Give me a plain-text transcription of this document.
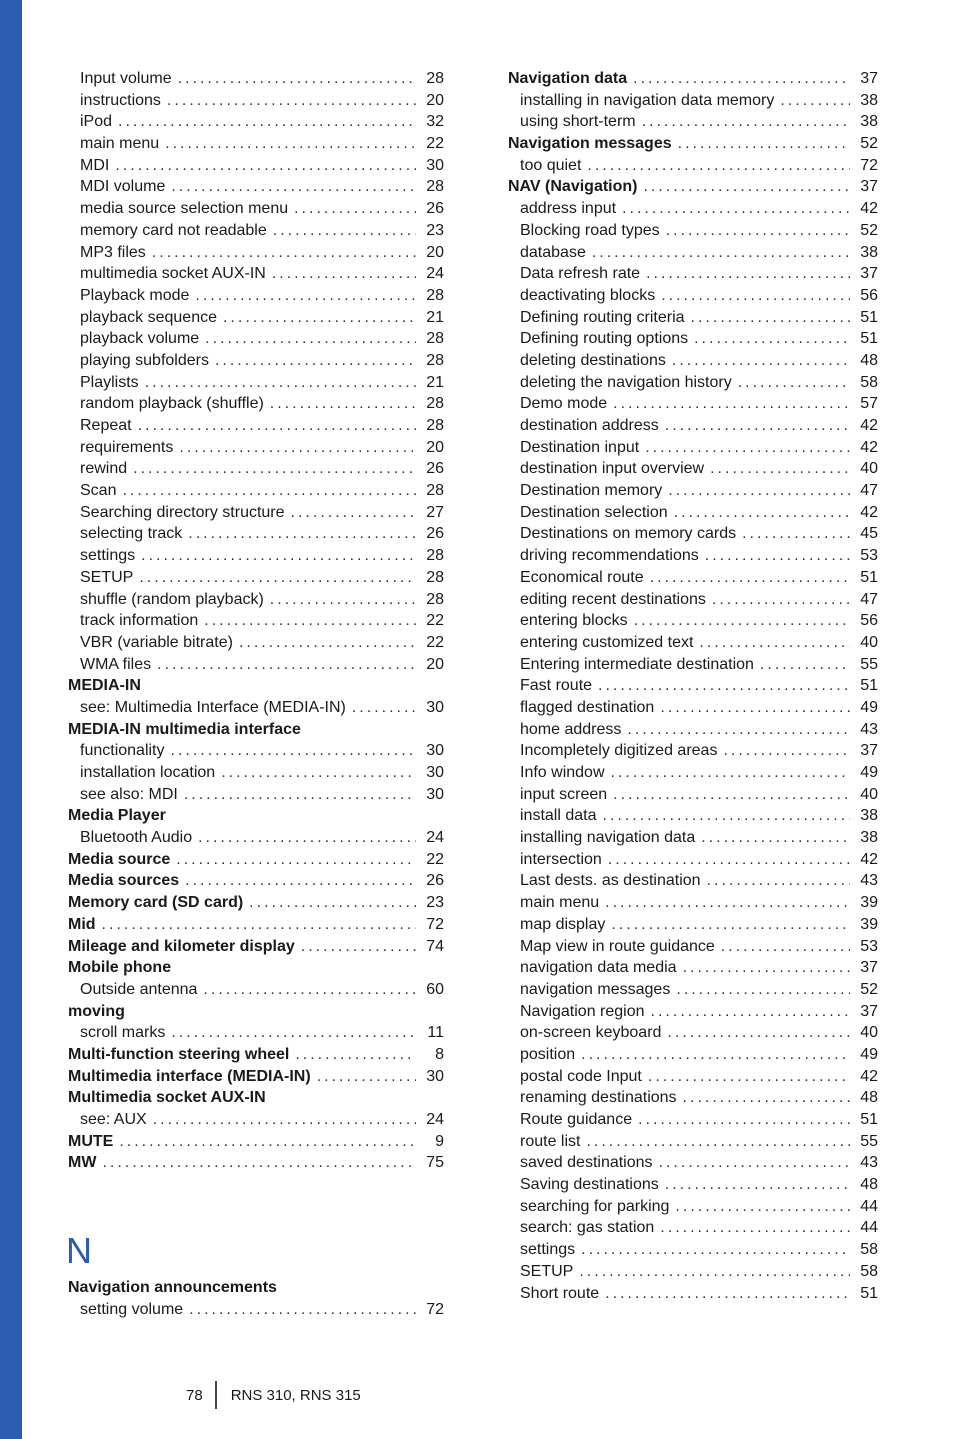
Input volume .....	28
instructions .....	20
iPod .....	32
main menu .....	22
MDI .....	30
MDI volume .....	28
media source selection menu .....	26
memory card not readable .....	23
MP3 files .....	20
multimedia socket AUX-IN .....	24
Playback mode .....	28
playback sequence .....	21
playback volume .....	28
playing subfolders .....	28
Playlists .....	21
random playback (shuffle) .....	28
Repeat .....	28
requirements .....	20
rewind .....	26
Scan .....	28
Searching directory structure .....	27
selecting track .....	26
settings .....	28
SETUP .....	28
shuffle (random playback) .....	28
track information .....	22
VBR (variable bitrate) .....	22
WMA files .....	20
MEDIA-IN
see: Multimedia Interface (MEDIA-IN) .....	30
MEDIA-IN multimedia interface
functionality .....	30
installation location .....	30
see also: MDI .....	30
Media Player
Bluetooth Audio .....	24
Media source .....	22
Media sources .....	26
Memory card (SD card) .....	23
Mid .....	72
Mileage and kilometer display .....	74
Mobile phone
Outside antenna .....	60
moving
scroll marks .....	11
Multi-function steering wheel .....	8
Multimedia interface (MEDIA-IN) .....	30
Multimedia socket AUX-IN
see: AUX .....	24
MUTE .....	9
MW .....	75
N
Navigation announcements
setting volume .....	72
Navigation data .....	37
installing in navigation data memory .....	38
using short-term .....	38
Navigation messages .....	52
too quiet .....	72
NAV (Navigation) .....	37
address input .....	42
Blocking road types .....	52
database .....	38
Data refresh rate .....	37
deactivating blocks .....	56
Defining routing criteria .....	51
Defining routing options .....	51
deleting destinations .....	48
deleting the navigation history .....	58
Demo mode .....	57
destination address .....	42
Destination input .....	42
destination input overview .....	40
Destination memory .....	47
Destination selection .....	42
Destinations on memory cards .....	45
driving recommendations .....	53
Economical route .....	51
editing recent destinations .....	47
entering blocks .....	56
entering customized text .....	40
Entering intermediate destination .....	55
Fast route .....	51
flagged destination .....	49
home address .....	43
Incompletely digitized areas .....	37
Info window .....	49
input screen .....	40
install data .....	38
installing navigation data .....	38
intersection .....	42
Last dests. as destination .....	43
main menu .....	39
map display .....	39
Map view in route guidance .....	53
navigation data media .....	37
navigation messages .....	52
Navigation region .....	37
on-screen keyboard .....	40
position .....	49
postal code Input .....	42
renaming destinations .....	48
Route guidance .....	51
route list .....	55
saved destinations .....	43
Saving destinations .....	48
searching for parking .....	44
search: gas station .....	44
settings .....	58
SETUP .....	58
Short route .....	51
78 RNS 310, RNS 315
